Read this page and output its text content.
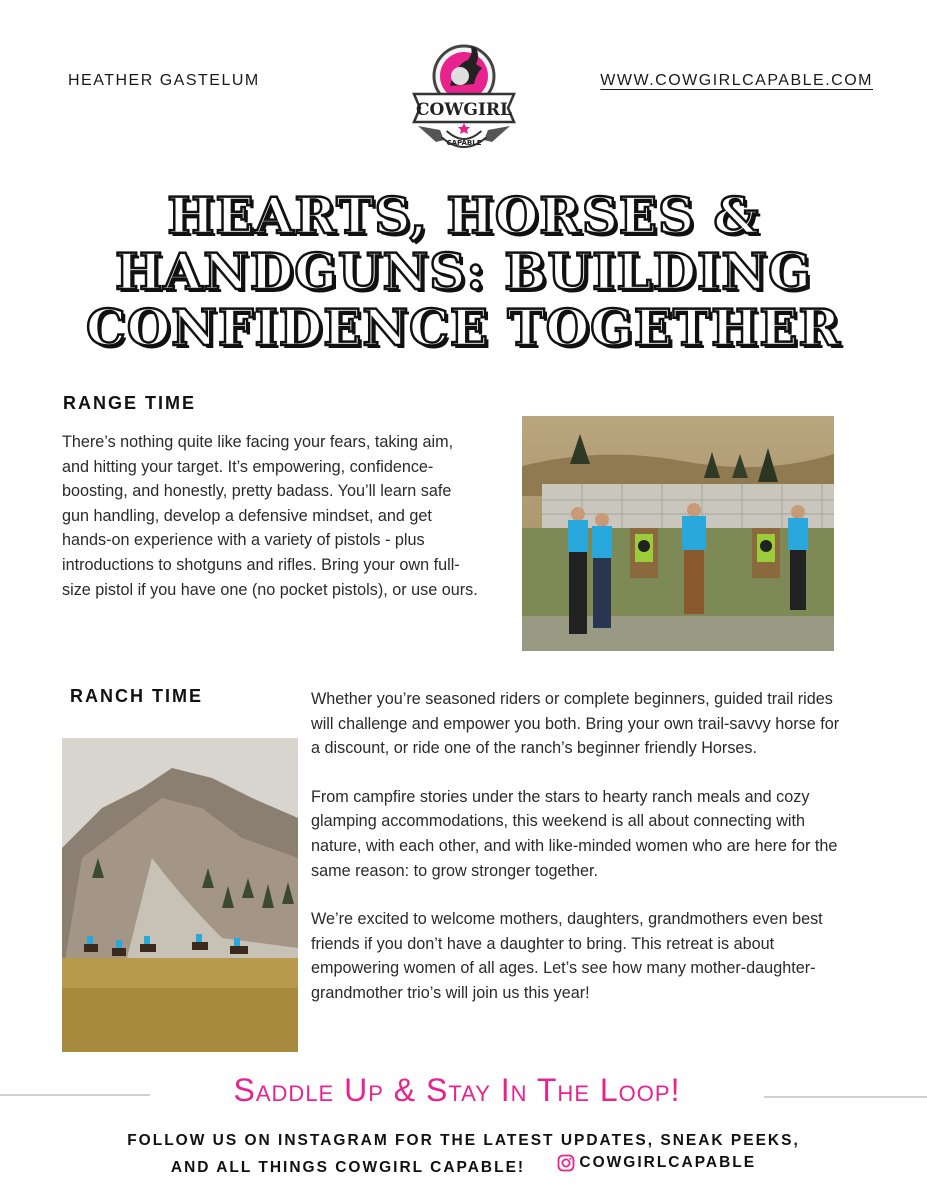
HEATHER GASTELUM
COWGIRL
CAPABLE
WWW.COWGIRLCAPABLE.COM
HEARTS, HORSES &
HANDGUNS: BUILDING
CONFIDENCE TOGETHER
RANGE TIME

There’s nothing quite like facing your fears, taking aim, and hitting your target. It’s empowering, confidence-boosting, and honestly, pretty badass. You’ll learn safe gun handling, develop a defensive mindset, and get hands-on experience with a variety of pistols - plus introductions to shotguns and rifles. Bring your own full-size pistol if you have one (no pocket pistols), or use ours.

RANCH TIME	Whether you’re seasoned riders or complete beginners, guided trail rides will challenge and empower you both. Bring your own trail-savvy horse for a discount, or ride one of the ranch’s beginner friendly Horses.

From campfire stories under the stars to hearty ranch meals and cozy glamping accommodations, this weekend is all about connecting with nature, with each other, and with like-minded women who are here for the same reason: to grow stronger together.

We’re excited to welcome mothers, daughters, grandmothers even best friends if you don’t have a daughter to bring. This retreat is about empowering women of all ages. Let’s see how many mother-daughter-grandmother trio’s will join us this year!

Saddle Up & Stay In The Loop!
FOLLOW US ON INSTAGRAM FOR THE LATEST UPDATES, SNEAK PEEKS,
AND ALL THINGS COWGIRL CAPABLE!	COWGIRLCAPABLE
